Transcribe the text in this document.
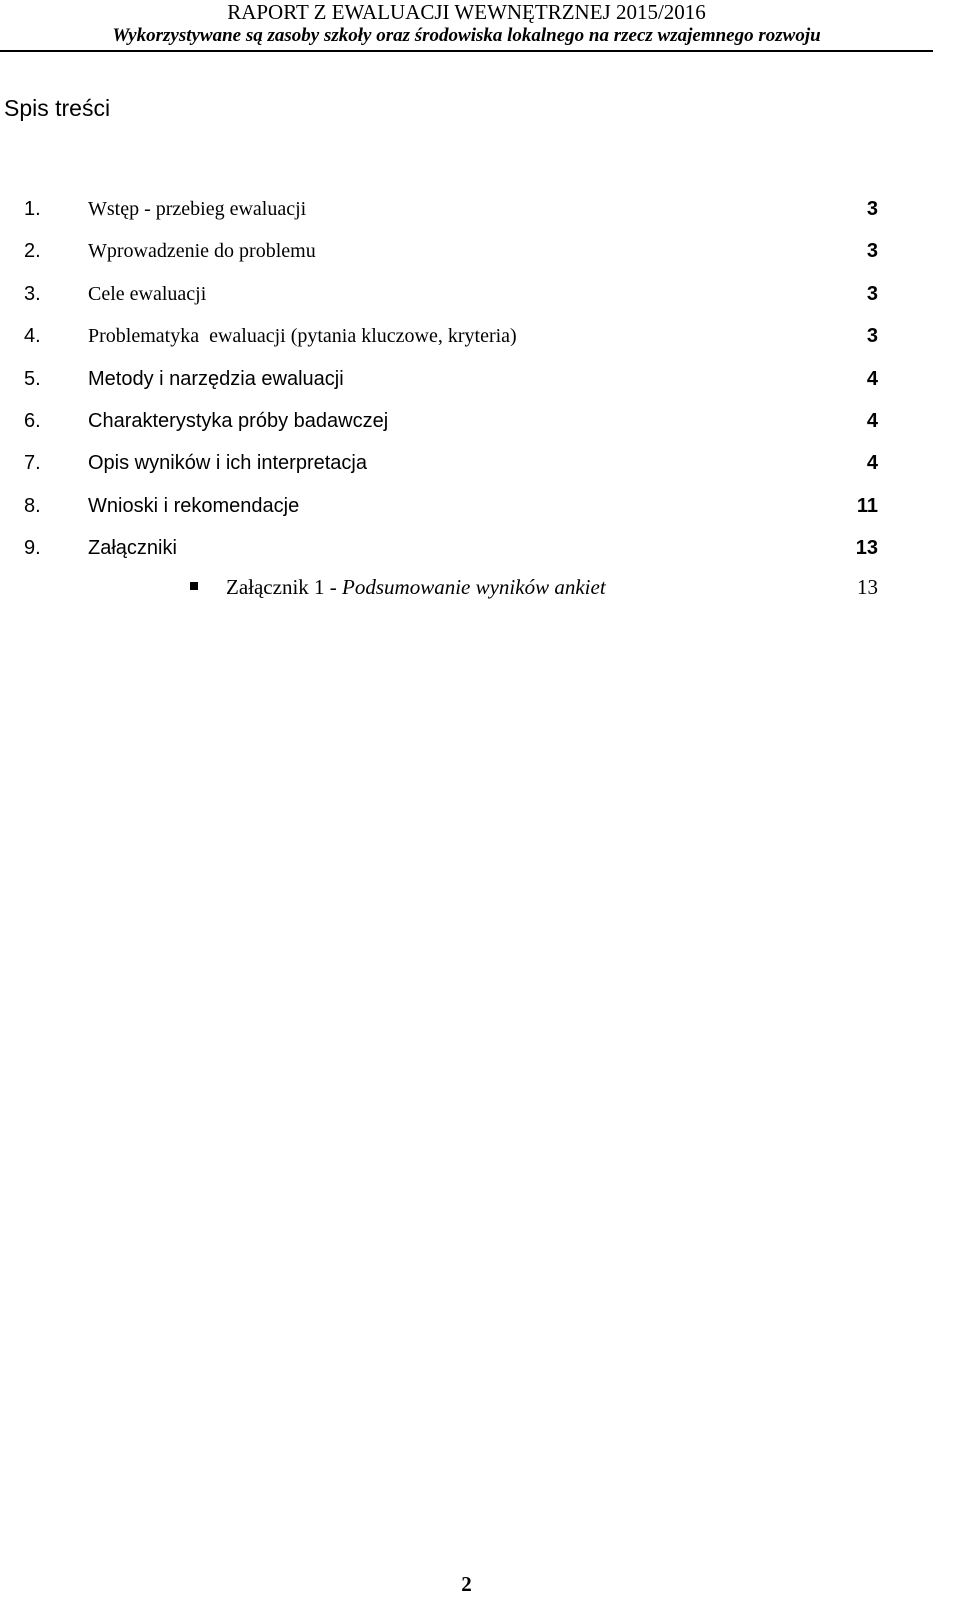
RAPORT Z EWALUACJI WEWNĘTRZNEJ 2015/2016
Wykorzystywane są zasoby szkoły oraz środowiska lokalnego na rzecz wzajemnego rozwoju
Spis treści
1. Wstęp - przebieg ewaluacji	3
2. Wprowadzenie do problemu	3
3. Cele ewaluacji	3
4. Problematyka  ewaluacji (pytania kluczowe, kryteria)	3
5. Metody i narzędzia ewaluacji	4
6. Charakterystyka próby badawczej	4
7. Opis wyników i ich interpretacja	4
8. Wnioski i rekomendacje	11
9. Załączniki	13
Załącznik 1 - Podsumowanie wyników ankiet	13
2
